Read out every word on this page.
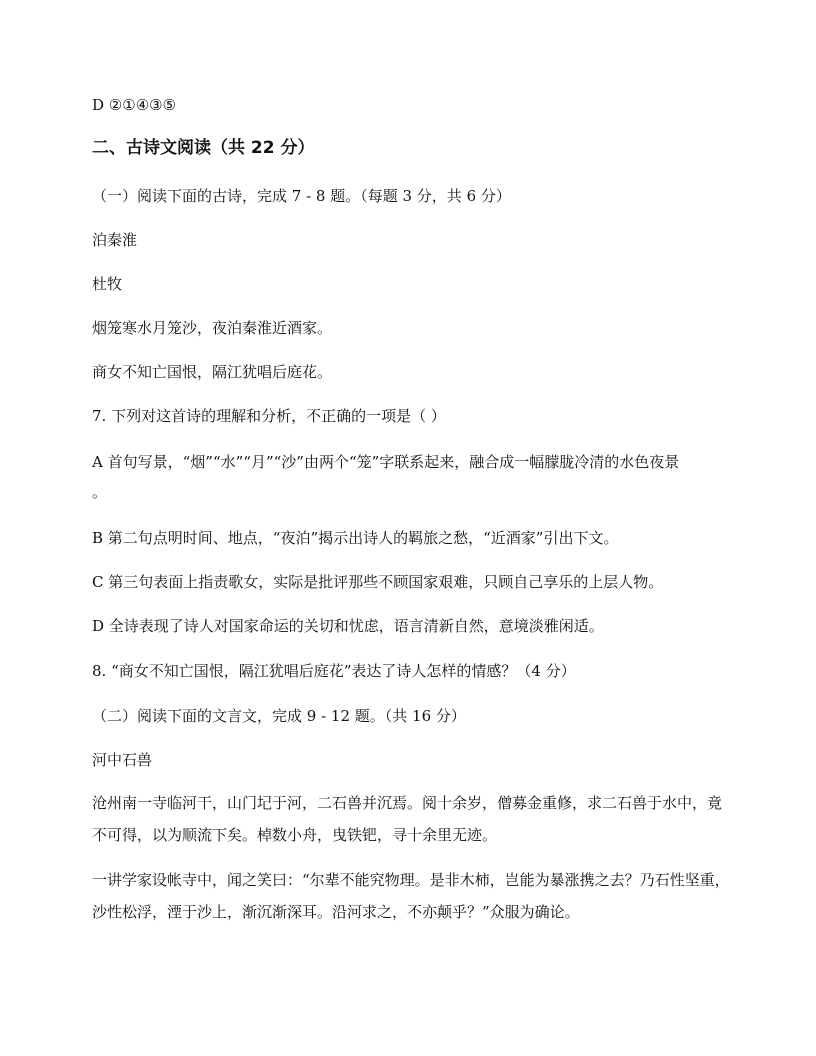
D ②①④③⑤
二、古诗文阅读（共 22 分）
（一）阅读下面的古诗，完成 7 - 8 题。（每题 3 分，共 6 分）
泊秦淮
杜牧
烟笼寒水月笼沙，夜泊秦淮近酒家。
商女不知亡国恨，隔江犹唱后庭花。
7. 下列对这首诗的理解和分析，不正确的一项是（ ）
A 首句写景，“烟”“水”“月”“沙”由两个“笼”字联系起来，融合成一幅朦胧冷清的水色夜景
。
B 第二句点明时间、地点，“夜泊”揭示出诗人的羁旅之愁，“近酒家”引出下文。
C 第三句表面上指责歌女，实际是批评那些不顾国家艰难，只顾自己享乐的上层人物。
D 全诗表现了诗人对国家命运的关切和忧虑，语言清新自然，意境淡雅闲适。
8. “商女不知亡国恨，隔江犹唱后庭花”表达了诗人怎样的情感？（4 分）
（二）阅读下面的文言文，完成 9 - 12 题。（共 16 分）
河中石兽
沧州南一寺临河干，山门圮于河，二石兽并沉焉。阅十余岁，僧募金重修，求二石兽于水中，竟不可得，以为顺流下矣。棹数小舟，曳铁钯，寻十余里无迹。
一讲学家设帐寺中，闻之笑曰：“尔辈不能究物理。是非木柿，岂能为暴涨携之去？乃石性坚重，沙性松浮，湮于沙上，渐沉渐深耳。沿河求之，不亦颠乎？”众服为确论。
